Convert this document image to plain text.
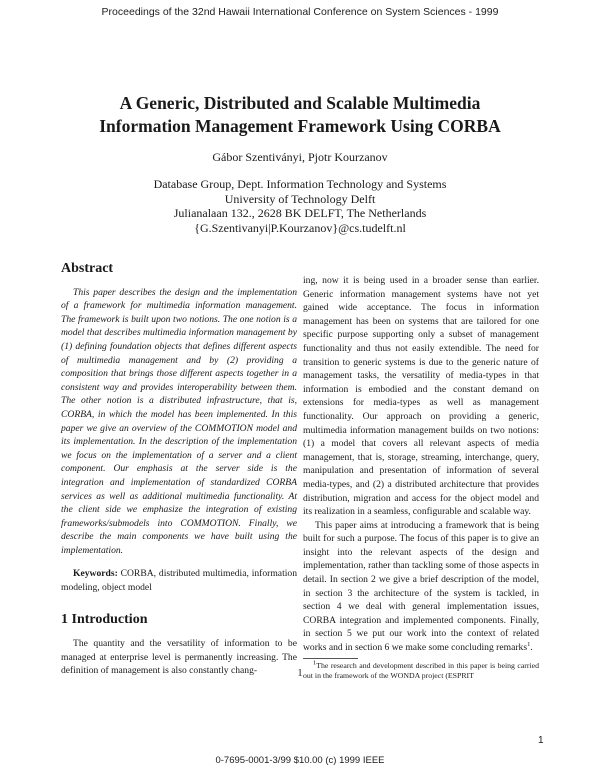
Proceedings of the 32nd Hawaii International Conference on System Sciences - 1999
A Generic, Distributed and Scalable Multimedia
Information Management Framework Using CORBA
Gábor Szentiványi, Pjotr Kourzanov
Database Group, Dept. Information Technology and Systems
University of Technology Delft
Julianalaan 132., 2628 BK DELFT, The Netherlands
{G.Szentivanyi|P.Kourzanov}@cs.tudelft.nl
Abstract

This paper describes the design and the implementation of a framework for multimedia information management. The framework is built upon two notions. The one notion is a model that describes multimedia information management by (1) defining foundation objects that defines different aspects of multimedia management and by (2) providing a composition that brings those different aspects together in a consistent way and provides interoperability between them. The other notion is a distributed infrastructure, that is, CORBA, in which the model has been implemented. In this paper we give an overview of the COMMOTION model and its implementation. In the description of the implementation we focus on the implementation of a server and a client component. Our emphasis at the server side is the integration and implementation of standardized CORBA services as well as additional multimedia functionality. At the client side we emphasize the integration of existing frameworks/submodels into COMMOTION. Finally, we describe the main components we have built using the implementation.

Keywords: CORBA, distributed multimedia, information modeling, object model

1 Introduction

The quantity and the versatility of information to be managed at enterprise level is permanently increasing. The definition of management is also constantly chang-

ing, now it is being used in a broader sense than earlier. Generic information management systems have not yet gained wide acceptance. The focus in information management has been on systems that are tailored for one specific purpose supporting only a subset of management functionality and thus not easily extendible. The need for transition to generic systems is due to the generic nature of management tasks, the versatility of media-types in that information is embodied and the constant demand on extensions for media-types as well as management functionality. Our approach on providing a generic, multimedia information management builds on two notions: (1) a model that covers all relevant aspects of media management, that is, storage, streaming, interchange, query, manipulation and presentation of information of several media-types, and (2) a distributed architecture that provides distribution, migration and access for the object model and its realization in a seamless, configurable and scalable way.

This paper aims at introducing a framework that is being built for such a purpose. The focus of this paper is to give an insight into the relevant aspects of the design and implementation, rather than tackling some of those aspects in detail. In section 2 we give a brief description of the model, in section 3 the architecture of the system is tackled, in section 4 we deal with general implementation issues, CORBA integration and implemented components. Finally, in section 5 we put our work into the context of related works and in section 6 we make some concluding remarks$^1$.

$^1$The research and development described in this paper is being carried out in the framework of the WONDA project (ESPRIT

1
1
0-7695-0001-3/99 $10.00 (c) 1999 IEEE
